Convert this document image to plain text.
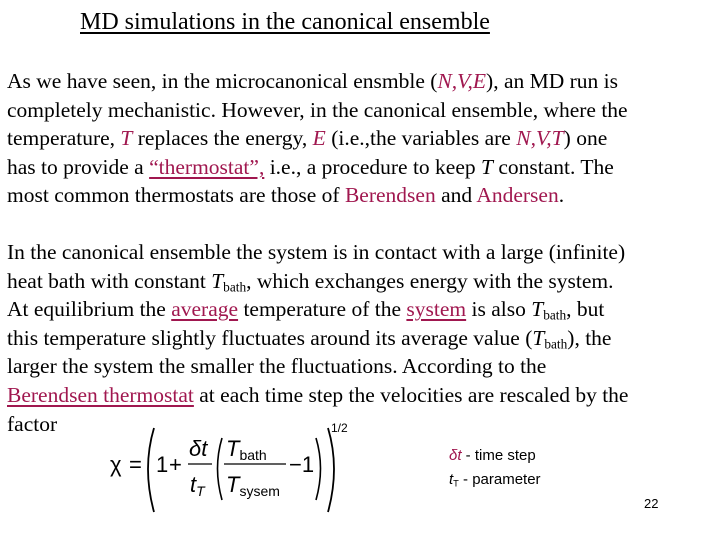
MD simulations in the canonical ensemble
As we have seen, in the microcanonical ensmble (N,V,E), an MD run is
completely mechanistic. However, in the canonical ensemble, where the
temperature, T replaces the energy, E (i.e.,the variables are N,V,T) one
has to provide a “thermostat”, i.e., a procedure to keep T constant. The
most common thermostats are those of Berendsen and Andersen.
In the canonical ensemble the system is in contact with a large (infinite)
heat bath with constant $T_{bath}$, which exchanges energy with the system.
At equilibrium the average temperature of the system is also $T_{bath}$, but
this temperature slightly fluctuates around its average value $(T_{bath})$, the
larger the system the smaller the fluctuations. According to the
Berendsen thermostat at each time step the velocities are rescaled by the
factor
χ = 1 +
δt
tT
Tbath
Tsysem
−1
1/2
δt - time step
$t_T$ - parameter
22
